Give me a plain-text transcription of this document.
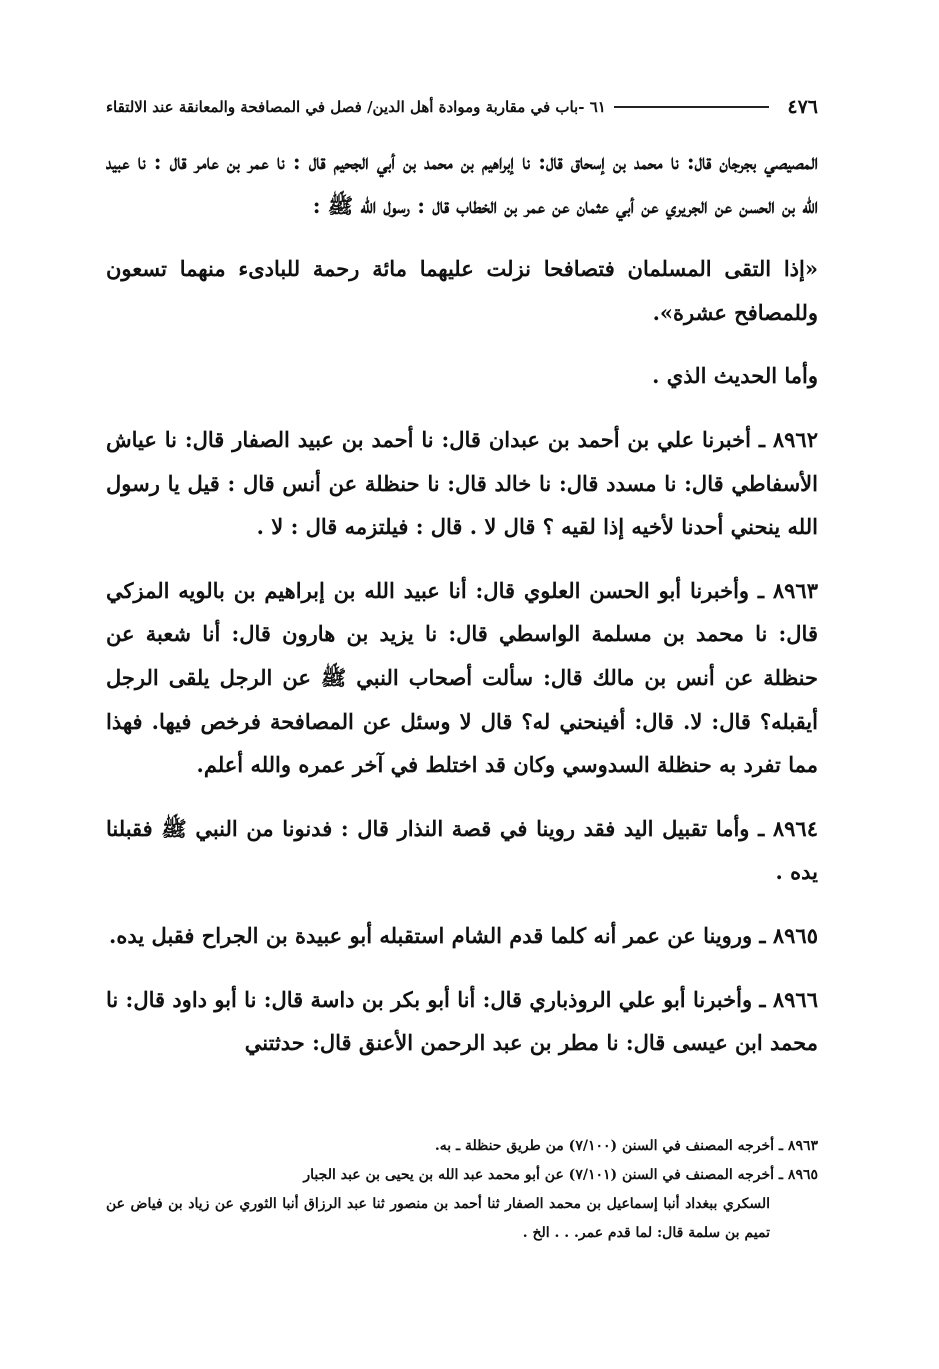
٤٧٦
٦١ -باب في مقاربة وموادة أهل الدين/ فصل في المصافحة والمعانقة عند الالتقاء

المصيصي بجرجان قال: نا محمد بن إسحاق قال: نا إبراهيم بن محمد بن أبي الجحيم قال : نا عمر بن عامر قال : نا عبيد الله بن الحسن عن الجريري عن أبي عثمان عن عمر بن الخطاب قال : رسول الله ﷺ :

«إذا التقى المسلمان فتصافحا نزلت عليهما مائة رحمة للبادىء منهما تسعون وللمصافح عشرة».

وأما الحديث الذي .

٨٩٦٢ ـ أخبرنا علي بن أحمد بن عبدان قال: نا أحمد بن عبيد الصفار قال: نا عياش الأسفاطي قال: نا مسدد قال: نا خالد قال: نا حنظلة عن أنس قال : قيل يا رسول الله ينحني أحدنا لأخيه إذا لقيه ؟ قال لا . قال : فيلتزمه قال : لا .

٨٩٦٣ ـ وأخبرنا أبو الحسن العلوي قال: أنا عبيد الله بن إبراهيم بن بالويه المزكي قال: نا محمد بن مسلمة الواسطي قال: نا يزيد بن هارون قال: أنا شعبة عن حنظلة عن أنس بن مالك قال: سألت أصحاب النبي ﷺ عن الرجل يلقى الرجل أيقبله؟ قال: لا. قال: أفينحني له؟ قال لا وسئل عن المصافحة فرخص فيها. فهذا مما تفرد به حنظلة السدوسي وكان قد اختلط في آخر عمره والله أعلم.

٨٩٦٤ ـ وأما تقبيل اليد فقد روينا في قصة النذار قال : فدنونا من النبي ﷺ فقبلنا يده .

٨٩٦٥ ـ وروينا عن عمر أنه كلما قدم الشام استقبله أبو عبيدة بن الجراح فقبل يده.

٨٩٦٦ ـ وأخبرنا أبو علي الروذباري قال: أنا أبو بكر بن داسة قال: نا أبو داود قال: نا محمد ابن عيسى قال: نا مطر بن عبد الرحمن الأعنق قال: حدثتني

٨٩٦٣ ـ أخرجه المصنف في السنن (٧/١٠٠) من طريق حنظلة ـ به.
٨٩٦٥ ـ أخرجه المصنف في السنن (٧/١٠١) عن أبو محمد عبد الله بن يحيى بن عبد الجبار
السكري ببغداد أنبا إسماعيل بن محمد الصفار ثنا أحمد بن منصور ثنا عبد الرزاق أنبا الثوري عن زياد بن فياض عن تميم بن سلمة قال: لما قدم عمر. . . الخ .
